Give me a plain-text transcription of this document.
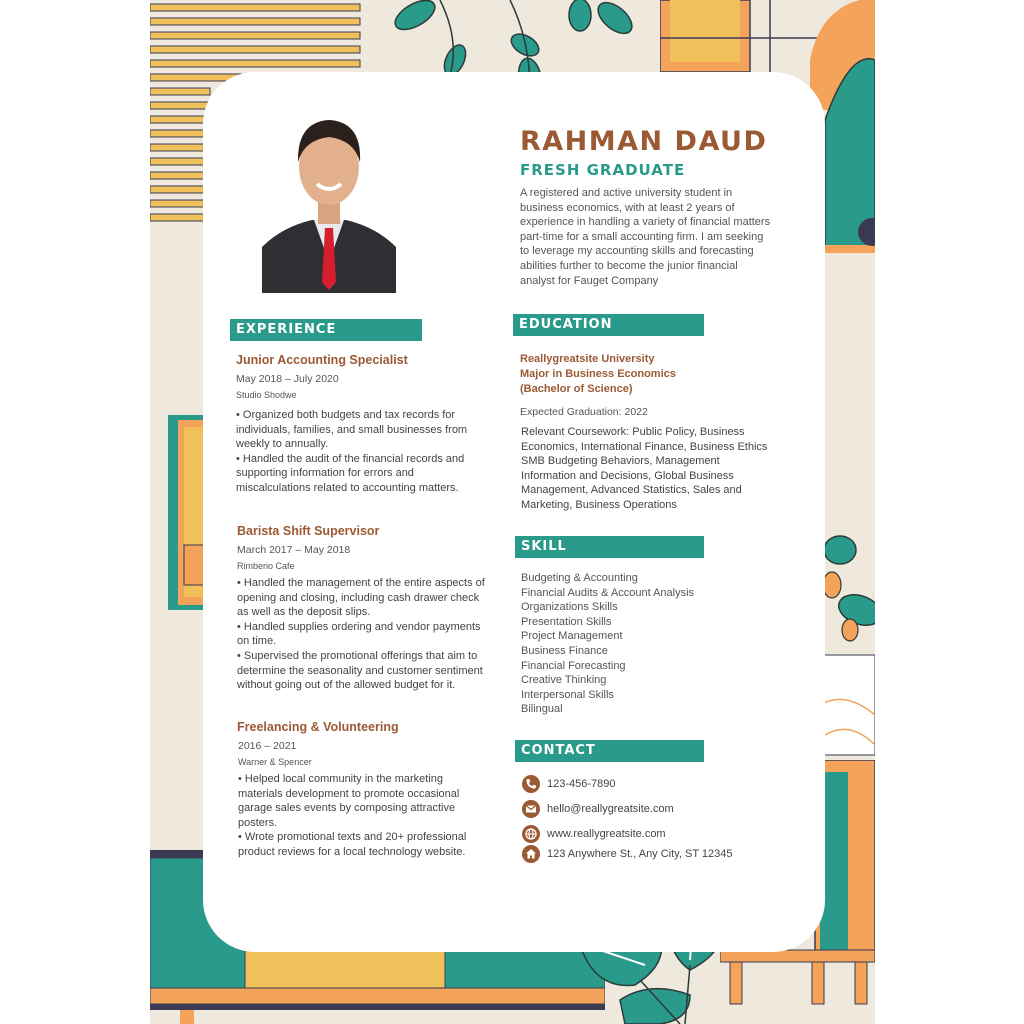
RAHMAN DAUD
FRESH GRADUATE
A registered and active university student in business economics, with at least 2 years of experience in handling a variety of financial matters part-time for a small accounting firm. I am seeking to leverage my accounting skills and forecasting abilities further to become the junior financial analyst for Fauget Company
EXPERIENCE
Junior Accounting Specialist
May 2018 – July 2020
Studio Shodwe

• Organized both budgets and tax records for individuals, families, and small businesses from weekly to annually.

• Handled the audit of the financial records and supporting information for errors and miscalculations related to accounting matters.

Barista Shift Supervisor
March 2017 – May 2018
Rimberio Cafe

• Handled the management of the entire aspects of opening and closing, including cash drawer check as well as the deposit slips.

• Handled supplies ordering and vendor payments on time.

• Supervised the promotional offerings that aim to determine the seasonality and customer sentiment without going out of the allowed budget for it.

Freelancing & Volunteering
2016 – 2021
Warner & Spencer

• Helped local community in the marketing materials development to promote occasional garage sales events by composing attractive posters.

• Wrote promotional texts and 20+ professional product reviews for a local technology website.

EDUCATION
Reallygreatsite University
Major in Business Economics
(Bachelor of Science)
Expected Graduation: 2022
Relevant Coursework: Public Policy, Business Economics, International Finance, Business Ethics SMB Budgeting Behaviors, Management Information and Decisions, Global Business Management, Advanced Statistics, Sales and Marketing, Business Operations
SKILL
Budgeting & Accounting
Financial Audits & Account Analysis
Organizations Skills
Presentation Skills
Project Management
Business Finance
Financial Forecasting
Creative Thinking
Interpersonal Skills
Bilingual
CONTACT
123-456-7890
hello@reallygreatsite.com
www.reallygreatsite.com
123 Anywhere St., Any City, ST 12345
